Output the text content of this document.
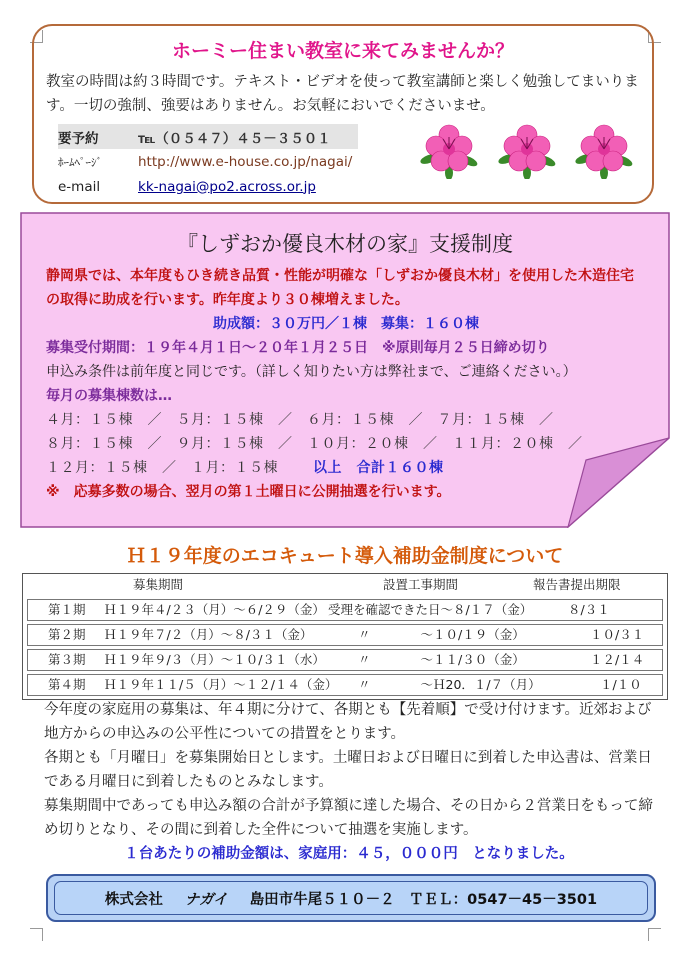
ホーミー住まい教室に来てみませんか？
教室の時間は約３時間です。テキスト・ビデオを使って教室講師と楽しく勉強してまいります。一切の強制、強要はありません。お気軽においでくださいませ。
要予約	℡（０５４７）４５－３５０１
ﾎｰﾑﾍﾟｰｼﾞ	http://www.e-house.co.jp/nagai/
e-mail	kk-nagai@po2.across.or.jp
『しずおか優良木材の家』支援制度
静岡県では、本年度もひき続き品質・性能が明確な「しずおか優良木材」を使用した木造住宅の取得に助成を行います。昨年度より３０棟増えました。
助成額：３０万円／１棟　募集：１６０棟
募集受付期間：１９年４月１日～２０年１月２５日　※原則毎月２５日締め切り
申込み条件は前年度と同じです。（詳しく知りたい方は弊社まで、ご連絡ください。）
毎月の募集棟数は…
４月：１５棟　／　５月：１５棟　／　６月：１５棟　／　７月：１５棟　／
８月：１５棟　／　９月：１５棟　／　１０月：２０棟　／　１１月：２０棟　／
１２月：１５棟　／　１月：１５棟 以上　合計１６０棟
※　応募多数の場合、翌月の第１土曜日に公開抽選を行います。
Ｈ１９年度のエコキュート導入補助金制度について
募集期間	設置工事期間	報告書提出期限
第１期 Ｈ１９年４/２３（月）～６/２９（金） 受理を確認できた日～８/１７（金）	８/３１
第２期 Ｈ１９年７/２（月）～８/３１（金）	〃　　　　～１０/１９（金）	１０/３１
第３期 Ｈ１９年９/３（月）～１０/３１（水）	〃　　　　～１１/３０（金）	１２/１４
第４期 Ｈ１９年１１/５（月）～１２/１４（金） 〃　　　　～Ｈ20．１/７（月）	１/１０
今年度の家庭用の募集は、年４期に分けて、各期とも【先着順】で受け付けます。近郊および地方からの申込みの公平性についての措置をとります。
各期とも「月曜日」を募集開始日とします。土曜日および日曜日に到着した申込書は、営業日である月曜日に到着したものとみなします。
募集期間中であっても申込み額の合計が予算額に達した場合、その日から２営業日をもって締め切りとなり、その間に到着した全件について抽選を実施します。
１台あたりの補助金額は、家庭用：４５，０００円　となりました。
株式会社 ナガイ 島田市牛尾５１０－２　ＴＥＬ：0547－45－3501
